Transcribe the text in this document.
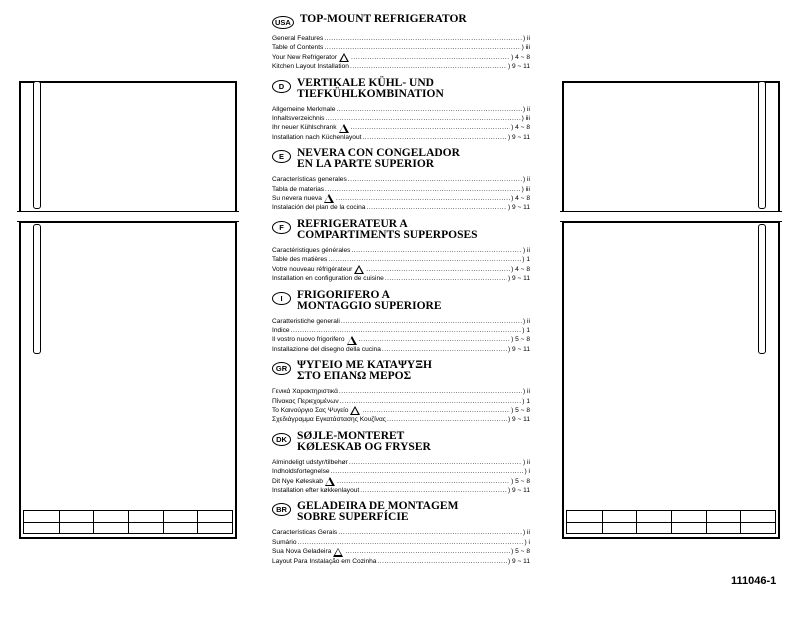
USA TOP-MOUNT REFRIGERATOR
General Features .....	) ii
Table of Contents .....	) iii
Your New Refrigerator .....	) 4 ~ 8
Kitchen Layout Installation .....	) 9 ~ 11
D	VERTIKALE KÜHL- UND
TIEFKÜHLKOMBINATION
Allgemeine Merkmale .....	) ii
Inhaltsverzeichnis .....	) iii
Ihr neuer Kühlschrank .....	) 4 ~ 8
Installation nach Küchenlayout .....	) 9 ~ 11
E	NEVERA CON CONGELADOR
EN LA PARTE SUPERIOR
Características generales .....	) ii
Tabla de materias .....	) iii
Su nevera nueva .....	) 4 ~ 8
Instalación del plan de la cocina .....	) 9 ~ 11
F	REFRIGERATEUR A
COMPARTIMENTS SUPERPOSES
Caractéristiques générales .....	) ii
Table des matières .....	) 1
Votre nouveau réfrigérateur .....	) 4 ~ 8
Installation en configuration de cuisine .....	) 9 ~ 11
I	FRIGORIFERO A
MONTAGGIO SUPERIORE
Caratteristiche generali .....	) ii
Indice .....	) 1
Il vostro nuovo frigorifero .....	) 5 ~ 8
Installazione del disegno della cucina .....	) 9 ~ 11
GR ΨΥΓΕΙΟ ΜΕ ΚΑΤΑΨΥΞΗ
ΣΤΟ ΕΠΑΝΩ ΜΕΡΟΣ
Γενικά Χαρακτηριστικά .....	) ii
Πίνακας Περιεχομένων .....	) 1
Το Καινούργιο Σας Ψυγείο .....	) 5 ~ 8
Σχεδιάγραμμα Εγκατάστασης Κουζίνας .....	) 9 ~ 11
DK SØJLE-MONTERET
KØLESKAB OG FRYSER
Almindeligt udstyr/tilbehør .....	) ii
Indholdsfortegnelse .....	) i
Dit Nye Køleskab .....	) 5 ~ 8
Installation efter køkkenlayout .....	) 9 ~ 11
BR GELADEIRA DE MONTAGEM
SOBRE SUPERFÍCIE
Características Gerais .....	) ii
Sumário .....	) i
Sua Nova Geladeira .....	) 5 ~ 8
Layout Para Instalação em Cozinha .....	) 9 ~ 11
111046-1
